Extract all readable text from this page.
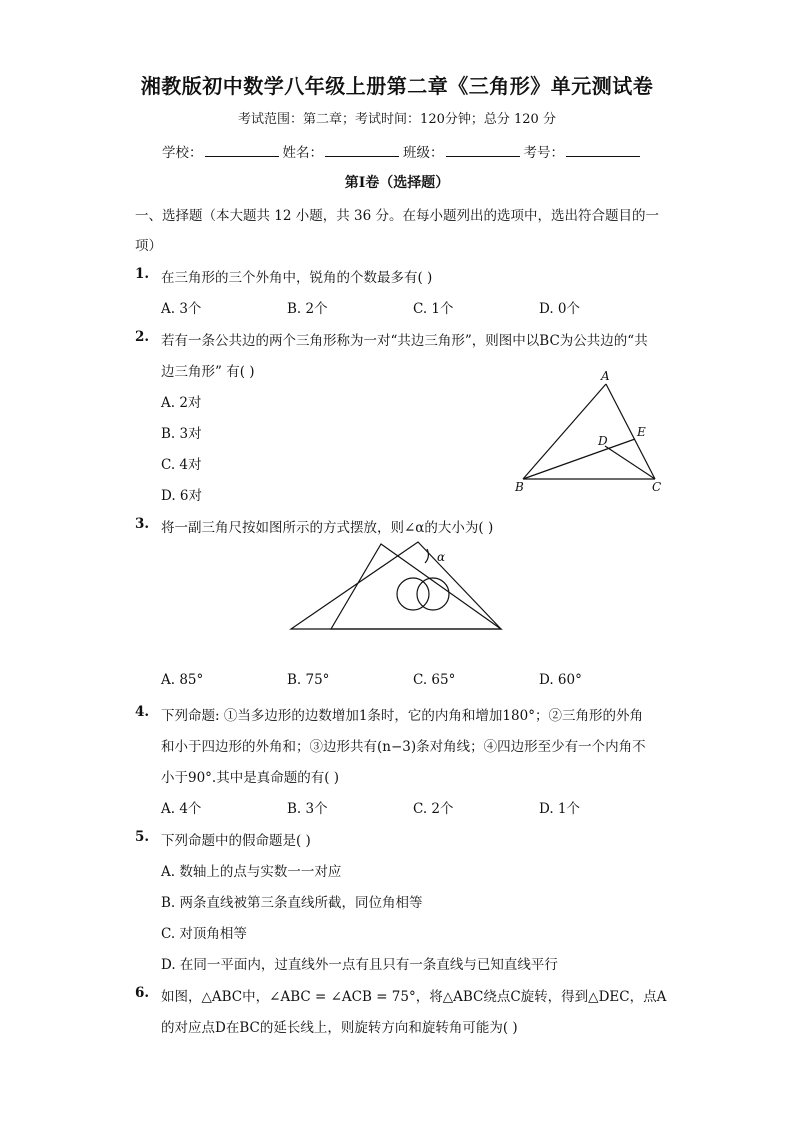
湘教版初中数学八年级上册第二章《三角形》单元测试卷
考试范围：第二章；考试时间：120分钟；总分 120 分
学校：	姓名：	班级：	考号：
第I卷（选择题）
一、选择题（本大题共 12 小题，共 36 分。在每小题列出的选项中，选出符合题目的一
项）
1. 在三角形的三个外角中，锐角的个数最多有( )
A. 3个	B. 2个	C. 1个	D. 0个
2. 若有一条公共边的两个三角形称为一对“共边三角形”，则图中以BC为公共边的“共
边三角形” 有( )
A. 2对
B. 3对
C. 4对
D. 6对
A
D
E
B	C
3. 将一副三角尺按如图所示的方式摆放，则∠α的大小为( )
α
A. 85°	B. 75°	C. 65°	D. 60°
4. 下列命题: ①当多边形的边数增加1条时，它的内角和增加180°；②三角形的外角
和小于四边形的外角和；③边形共有(n−3)条对角线；④四边形至少有一个内角不
小于90°.其中是真命题的有( )
A. 4个	B. 3个	C. 2个	D. 1个
5. 下列命题中的假命题是( )
A. 数轴上的点与实数一一对应
B. 两条直线被第三条直线所截，同位角相等
C. 对顶角相等
D. 在同一平面内，过直线外一点有且只有一条直线与已知直线平行
6. 如图，△ABC中，∠ABC = ∠ACB = 75°，将△ABC绕点C旋转，得到△DEC，点A
的对应点D在BC的延长线上，则旋转方向和旋转角可能为( )
